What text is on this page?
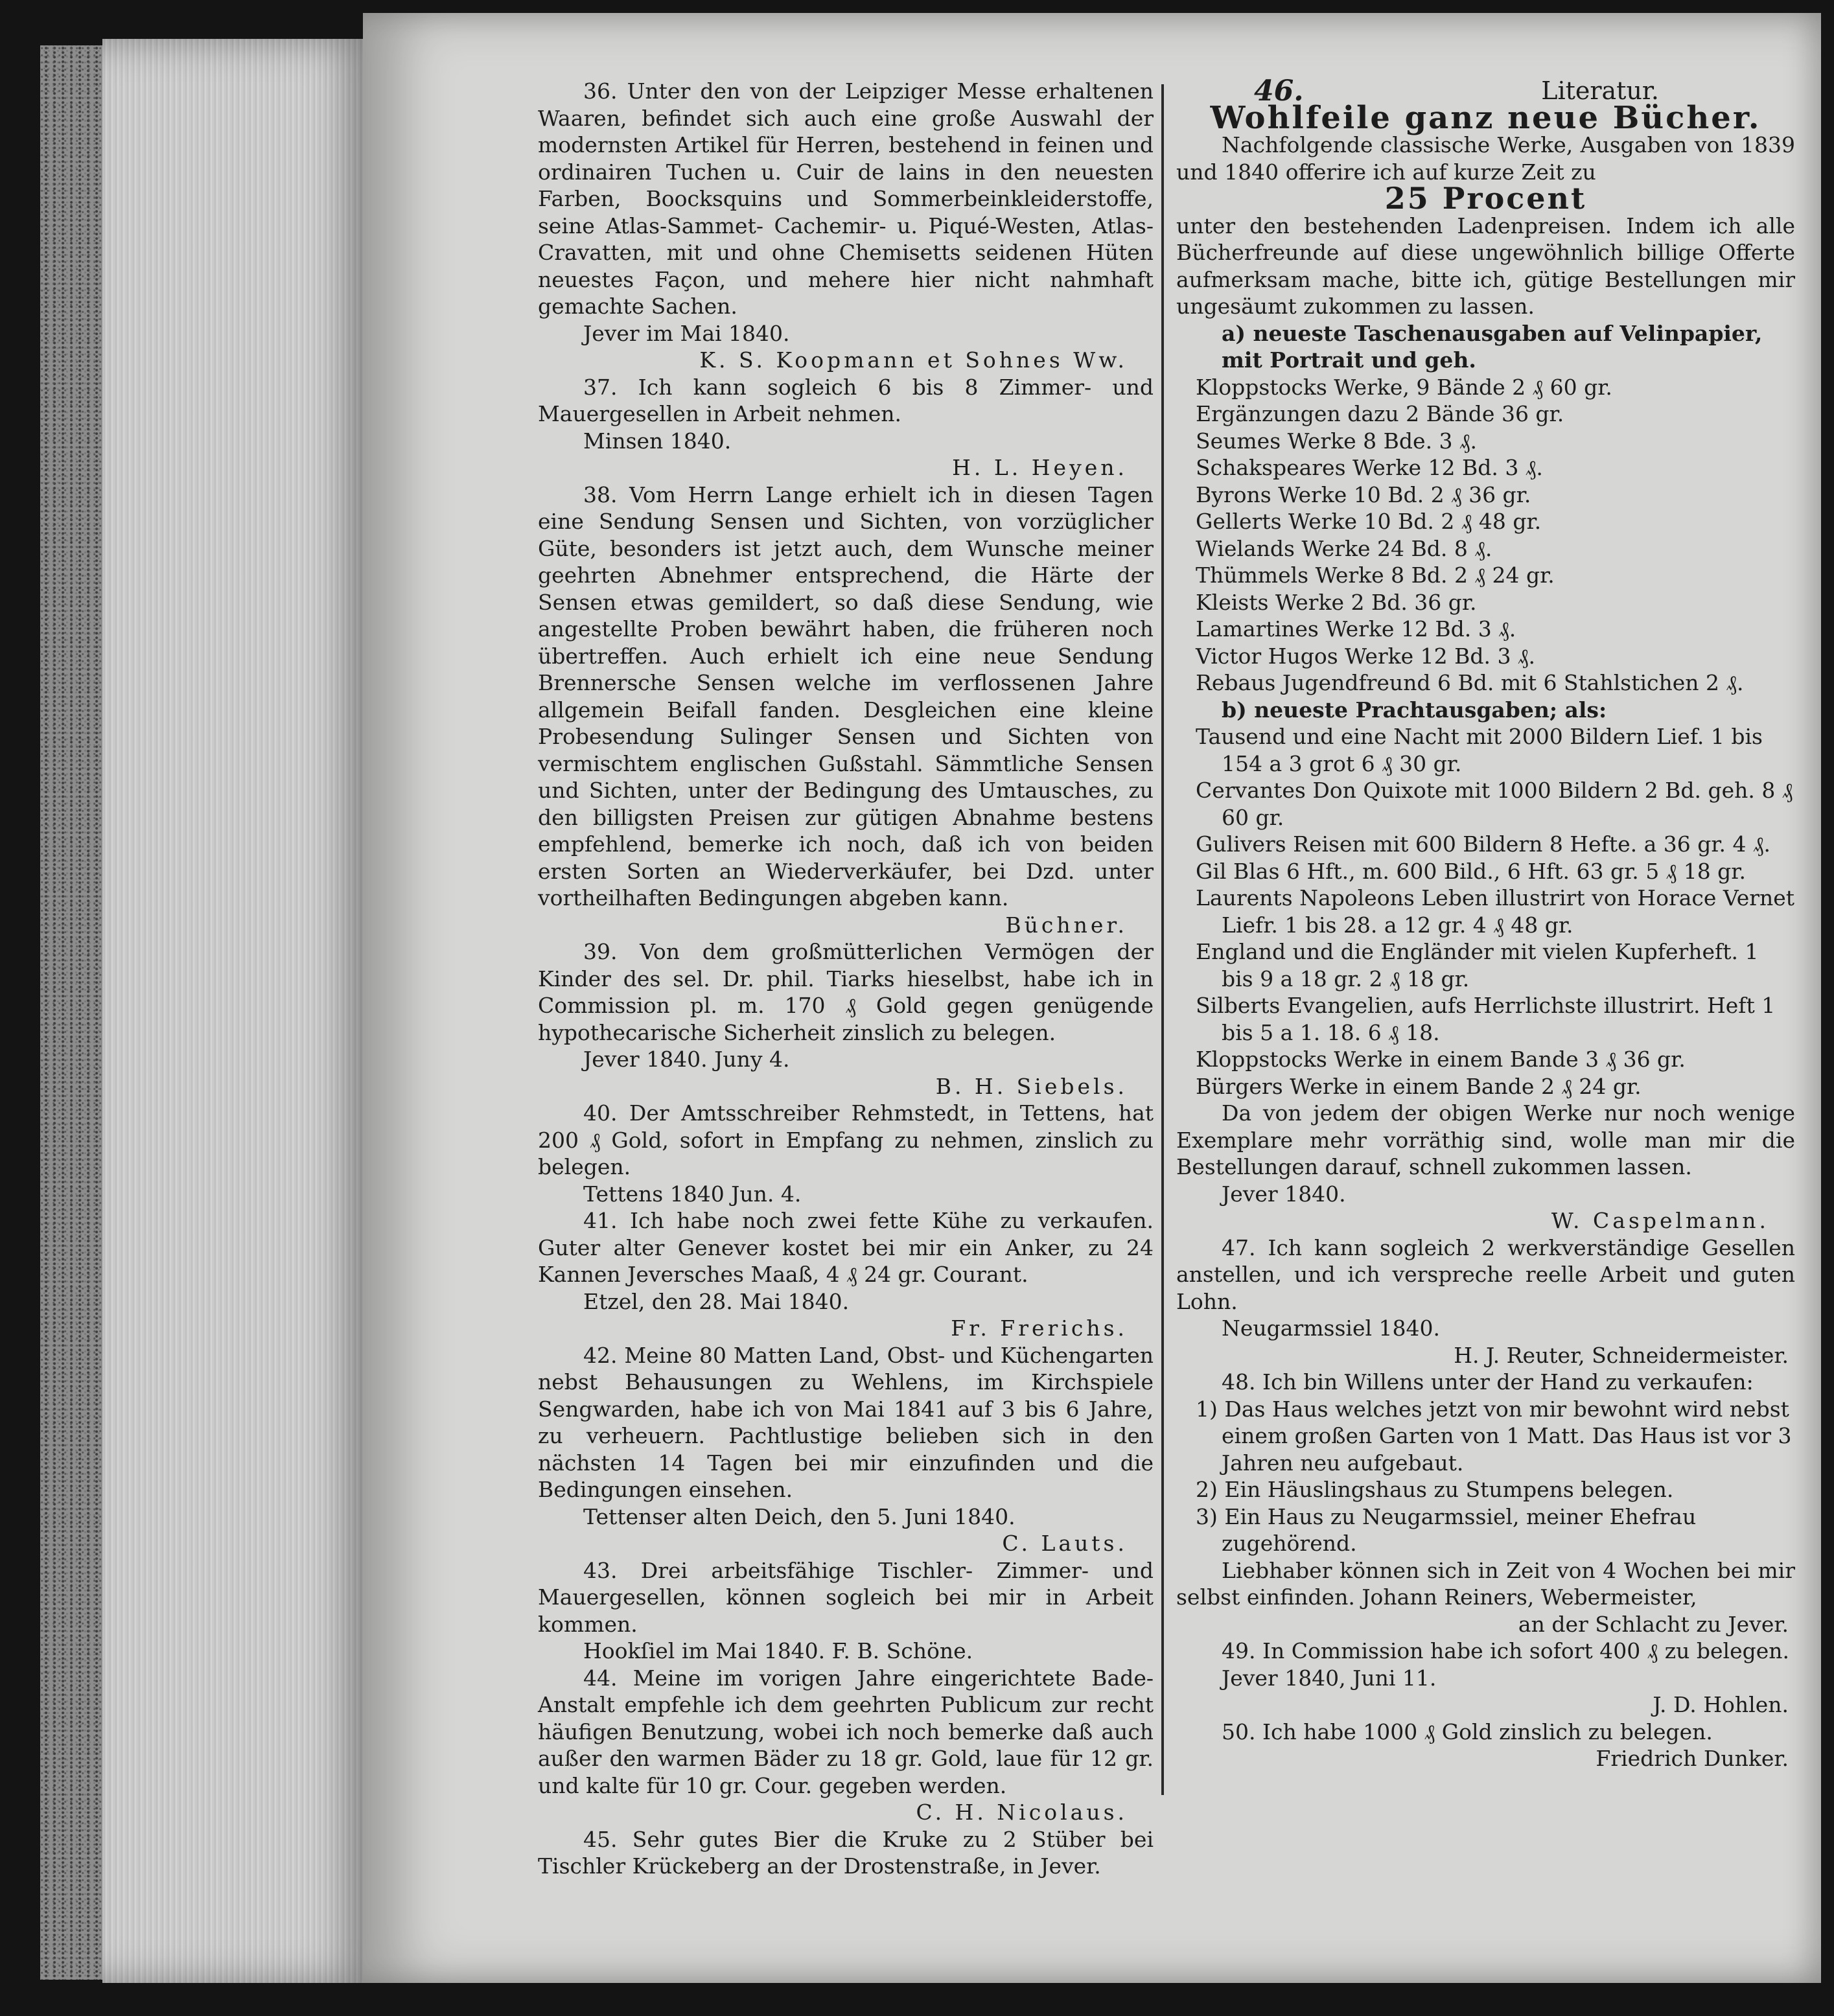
36. Unter den von der Leipziger Messe erhaltenen Waaren, befindet sich auch eine große Auswahl der modernsten Artikel für Herren, bestehend in feinen und ordinairen Tuchen u. Cuir de lains in den neuesten Farben, Boocksquins und Sommerbeinkleiderstoffe, seine Atlas-Sammet- Cachemir- u. Piqué-Westen, Atlas-Cravatten, mit und ohne Chemisetts seidenen Hüten neuestes Façon, und mehere hier nicht nahmhaft gemachte Sachen.

Jever im Mai 1840.

K. S. Koopmann et Sohnes Ww.

37. Ich kann sogleich 6 bis 8 Zimmer- und Mauergesellen in Arbeit nehmen.

Minsen 1840.

H. L. Heyen.

38. Vom Herrn Lange erhielt ich in diesen Tagen eine Sendung Sensen und Sichten, von vorzüglicher Güte, besonders ist jetzt auch, dem Wunsche meiner geehrten Abnehmer entsprechend, die Härte der Sensen etwas gemildert, so daß diese Sendung, wie angestellte Proben bewährt haben, die früheren noch übertreffen. Auch erhielt ich eine neue Sendung Brennersche Sensen welche im verflossenen Jahre allgemein Beifall fanden. Desgleichen eine kleine Probesendung Sulinger Sensen und Sichten von vermischtem englischen Gußstahl. Sämmtliche Sensen und Sichten, unter der Bedingung des Umtausches, zu den billigsten Preisen zur gütigen Abnahme bestens empfehlend, bemerke ich noch, daß ich von beiden ersten Sorten an Wiederverkäufer, bei Dzd. unter vortheilhaften Bedingungen abgeben kann.

Büchner.

39. Von dem großmütterlichen Vermögen der Kinder des sel. Dr. phil. Tiarks hieselbst, habe ich in Commission pl. m. 170 ₰ Gold gegen genügende hypothecarische Sicherheit zinslich zu belegen.

Jever 1840. Juny 4.

B. H. Siebels.

40. Der Amtsschreiber Rehmstedt, in Tettens, hat 200 ₰ Gold, sofort in Empfang zu nehmen, zinslich zu belegen.

Tettens 1840 Jun. 4.

41. Ich habe noch zwei fette Kühe zu verkaufen. Guter alter Genever kostet bei mir ein Anker, zu 24 Kannen Jeversches Maaß, 4 ₰ 24 gr. Courant.

Etzel, den 28. Mai 1840.

Fr. Frerichs.

42. Meine 80 Matten Land, Obst- und Küchengarten nebst Behausungen zu Wehlens, im Kirchspiele Sengwarden, habe ich von Mai 1841 auf 3 bis 6 Jahre, zu verheuern. Pachtlustige belieben sich in den nächsten 14 Tagen bei mir einzufinden und die Bedingungen einsehen.

Tettenser alten Deich, den 5. Juni 1840.

C. Lauts.

43. Drei arbeitsfähige Tischler- Zimmer- und Mauergesellen, können sogleich bei mir in Arbeit kommen.

Hookſiel im Mai 1840. F. B. Schöne.

44. Meine im vorigen Jahre eingerichtete Bade-Anstalt empfehle ich dem geehrten Publicum zur recht häufigen Benutzung, wobei ich noch bemerke daß auch außer den warmen Bäder zu 18 gr. Gold, laue für 12 gr. und kalte für 10 gr. Cour. gegeben werden.

C. H. Nicolaus.

45. Sehr gutes Bier die Kruke zu 2 Stüber bei Tischler Krückeberg an der Drostenstraße, in Jever.

46.	Literatur.

Wohlfeile ganz neue Bücher.

Nachfolgende classische Werke, Ausgaben von 1839 und 1840 offerire ich auf kurze Zeit zu

25 Procent

unter den bestehenden Ladenpreisen. Indem ich alle Bücherfreunde auf diese ungewöhnlich billige Offerte aufmerksam mache, bitte ich, gütige Bestellungen mir ungesäumt zukommen zu lassen.

a) neueste Taschenausgaben auf Velinpapier, mit Portrait und geh.

Kloppstocks Werke, 9 Bände 2 ₰ 60 gr.

Ergänzungen dazu 2 Bände 36 gr.

Seumes Werke 8 Bde. 3 ₰.

Schakspeares Werke 12 Bd. 3 ₰.

Byrons Werke 10 Bd. 2 ₰ 36 gr.

Gellerts Werke 10 Bd. 2 ₰ 48 gr.

Wielands Werke 24 Bd. 8 ₰.

Thümmels Werke 8 Bd. 2 ₰ 24 gr.

Kleists Werke 2 Bd. 36 gr.

Lamartines Werke 12 Bd. 3 ₰.

Victor Hugos Werke 12 Bd. 3 ₰.

Rebaus Jugendfreund 6 Bd. mit 6 Stahlstichen 2 ₰.

b) neueste Prachtausgaben; als:

Tausend und eine Nacht mit 2000 Bildern Lief. 1 bis 154 a 3 grot 6 ₰ 30 gr.

Cervantes Don Quixote mit 1000 Bildern 2 Bd. geh. 8 ₰ 60 gr.

Gulivers Reisen mit 600 Bildern 8 Hefte. a 36 gr. 4 ₰.

Gil Blas 6 Hft., m. 600 Bild., 6 Hft. 63 gr. 5 ₰ 18 gr.

Laurents Napoleons Leben illustrirt von Horace Vernet Liefr. 1 bis 28. a 12 gr. 4 ₰ 48 gr.

England und die Engländer mit vielen Kupferheft. 1 bis 9 a 18 gr. 2 ₰ 18 gr.

Silberts Evangelien, aufs Herrlichste illustrirt. Heft 1 bis 5 a 1. 18. 6 ₰ 18.

Kloppstocks Werke in einem Bande 3 ₰ 36 gr.

Bürgers Werke in einem Bande 2 ₰ 24 gr.

Da von jedem der obigen Werke nur noch wenige Exemplare mehr vorräthig sind, wolle man mir die Bestellungen darauf, schnell zukommen lassen.

Jever 1840.

W. Caspelmann.

47. Ich kann sogleich 2 werkverständige Gesellen anstellen, und ich verspreche reelle Arbeit und guten Lohn.

Neugarmssiel 1840.

H. J. Reuter, Schneidermeister.

48. Ich bin Willens unter der Hand zu verkaufen:

1) Das Haus welches jetzt von mir bewohnt wird nebst einem großen Garten von 1 Matt. Das Haus ist vor 3 Jahren neu aufgebaut.

2) Ein Häuslingshaus zu Stumpens belegen.

3) Ein Haus zu Neugarmssiel, meiner Ehefrau zugehörend.

Liebhaber können sich in Zeit von 4 Wochen bei mir selbst einfinden. Johann Reiners, Webermeister,

an der Schlacht zu Jever.

49. In Commission habe ich sofort 400 ₰ zu belegen.

Jever 1840, Juni 11.

J. D. Hohlen.

50. Ich habe 1000 ₰ Gold zinslich zu belegen.

Friedrich Dunker.
